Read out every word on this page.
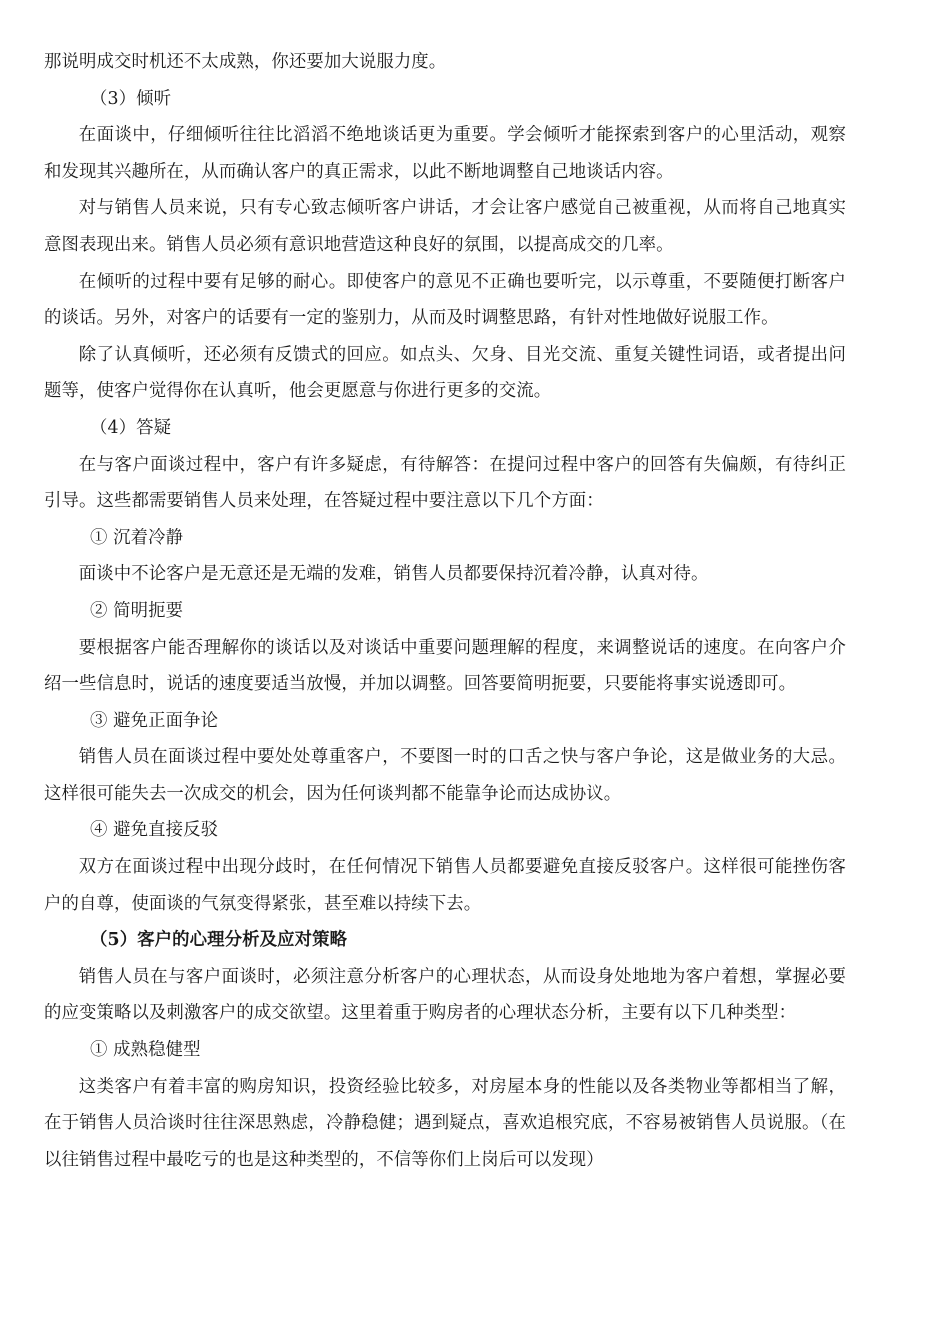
那说明成交时机还不太成熟，你还要加大说服力度。

（3）倾听

在面谈中，仔细倾听往往比滔滔不绝地谈话更为重要。学会倾听才能探索到客户的心里活动，观察和发现其兴趣所在，从而确认客户的真正需求，以此不断地调整自己地谈话内容。

对与销售人员来说，只有专心致志倾听客户讲话，才会让客户感觉自己被重视，从而将自己地真实意图表现出来。销售人员必须有意识地营造这种良好的氛围，以提高成交的几率。

在倾听的过程中要有足够的耐心。即使客户的意见不正确也要听完，以示尊重，不要随便打断客户的谈话。另外，对客户的话要有一定的鉴别力，从而及时调整思路，有针对性地做好说服工作。

除了认真倾听，还必须有反馈式的回应。如点头、欠身、目光交流、重复关键性词语，或者提出问题等，使客户觉得你在认真听，他会更愿意与你进行更多的交流。

（4）答疑

在与客户面谈过程中，客户有许多疑虑，有待解答：在提问过程中客户的回答有失偏颇，有待纠正引导。这些都需要销售人员来处理，在答疑过程中要注意以下几个方面：

① 沉着冷静

面谈中不论客户是无意还是无端的发难，销售人员都要保持沉着冷静，认真对待。

② 简明扼要

要根据客户能否理解你的谈话以及对谈话中重要问题理解的程度，来调整说话的速度。在向客户介绍一些信息时，说话的速度要适当放慢，并加以调整。回答要简明扼要，只要能将事实说透即可。

③ 避免正面争论

销售人员在面谈过程中要处处尊重客户，不要图一时的口舌之快与客户争论，这是做业务的大忌。这样很可能失去一次成交的机会，因为任何谈判都不能靠争论而达成协议。

④ 避免直接反驳

双方在面谈过程中出现分歧时，在任何情况下销售人员都要避免直接反驳客户。这样很可能挫伤客户的自尊，使面谈的气氛变得紧张，甚至难以持续下去。

（5）客户的心理分析及应对策略

销售人员在与客户面谈时，必须注意分析客户的心理状态，从而设身处地地为客户着想，掌握必要的应变策略以及刺激客户的成交欲望。这里着重于购房者的心理状态分析，主要有以下几种类型：

① 成熟稳健型

这类客户有着丰富的购房知识，投资经验比较多，对房屋本身的性能以及各类物业等都相当了解，在于销售人员洽谈时往往深思熟虑，冷静稳健；遇到疑点，喜欢追根究底，不容易被销售人员说服。（在以往销售过程中最吃亏的也是这种类型的，不信等你们上岗后可以发现）
